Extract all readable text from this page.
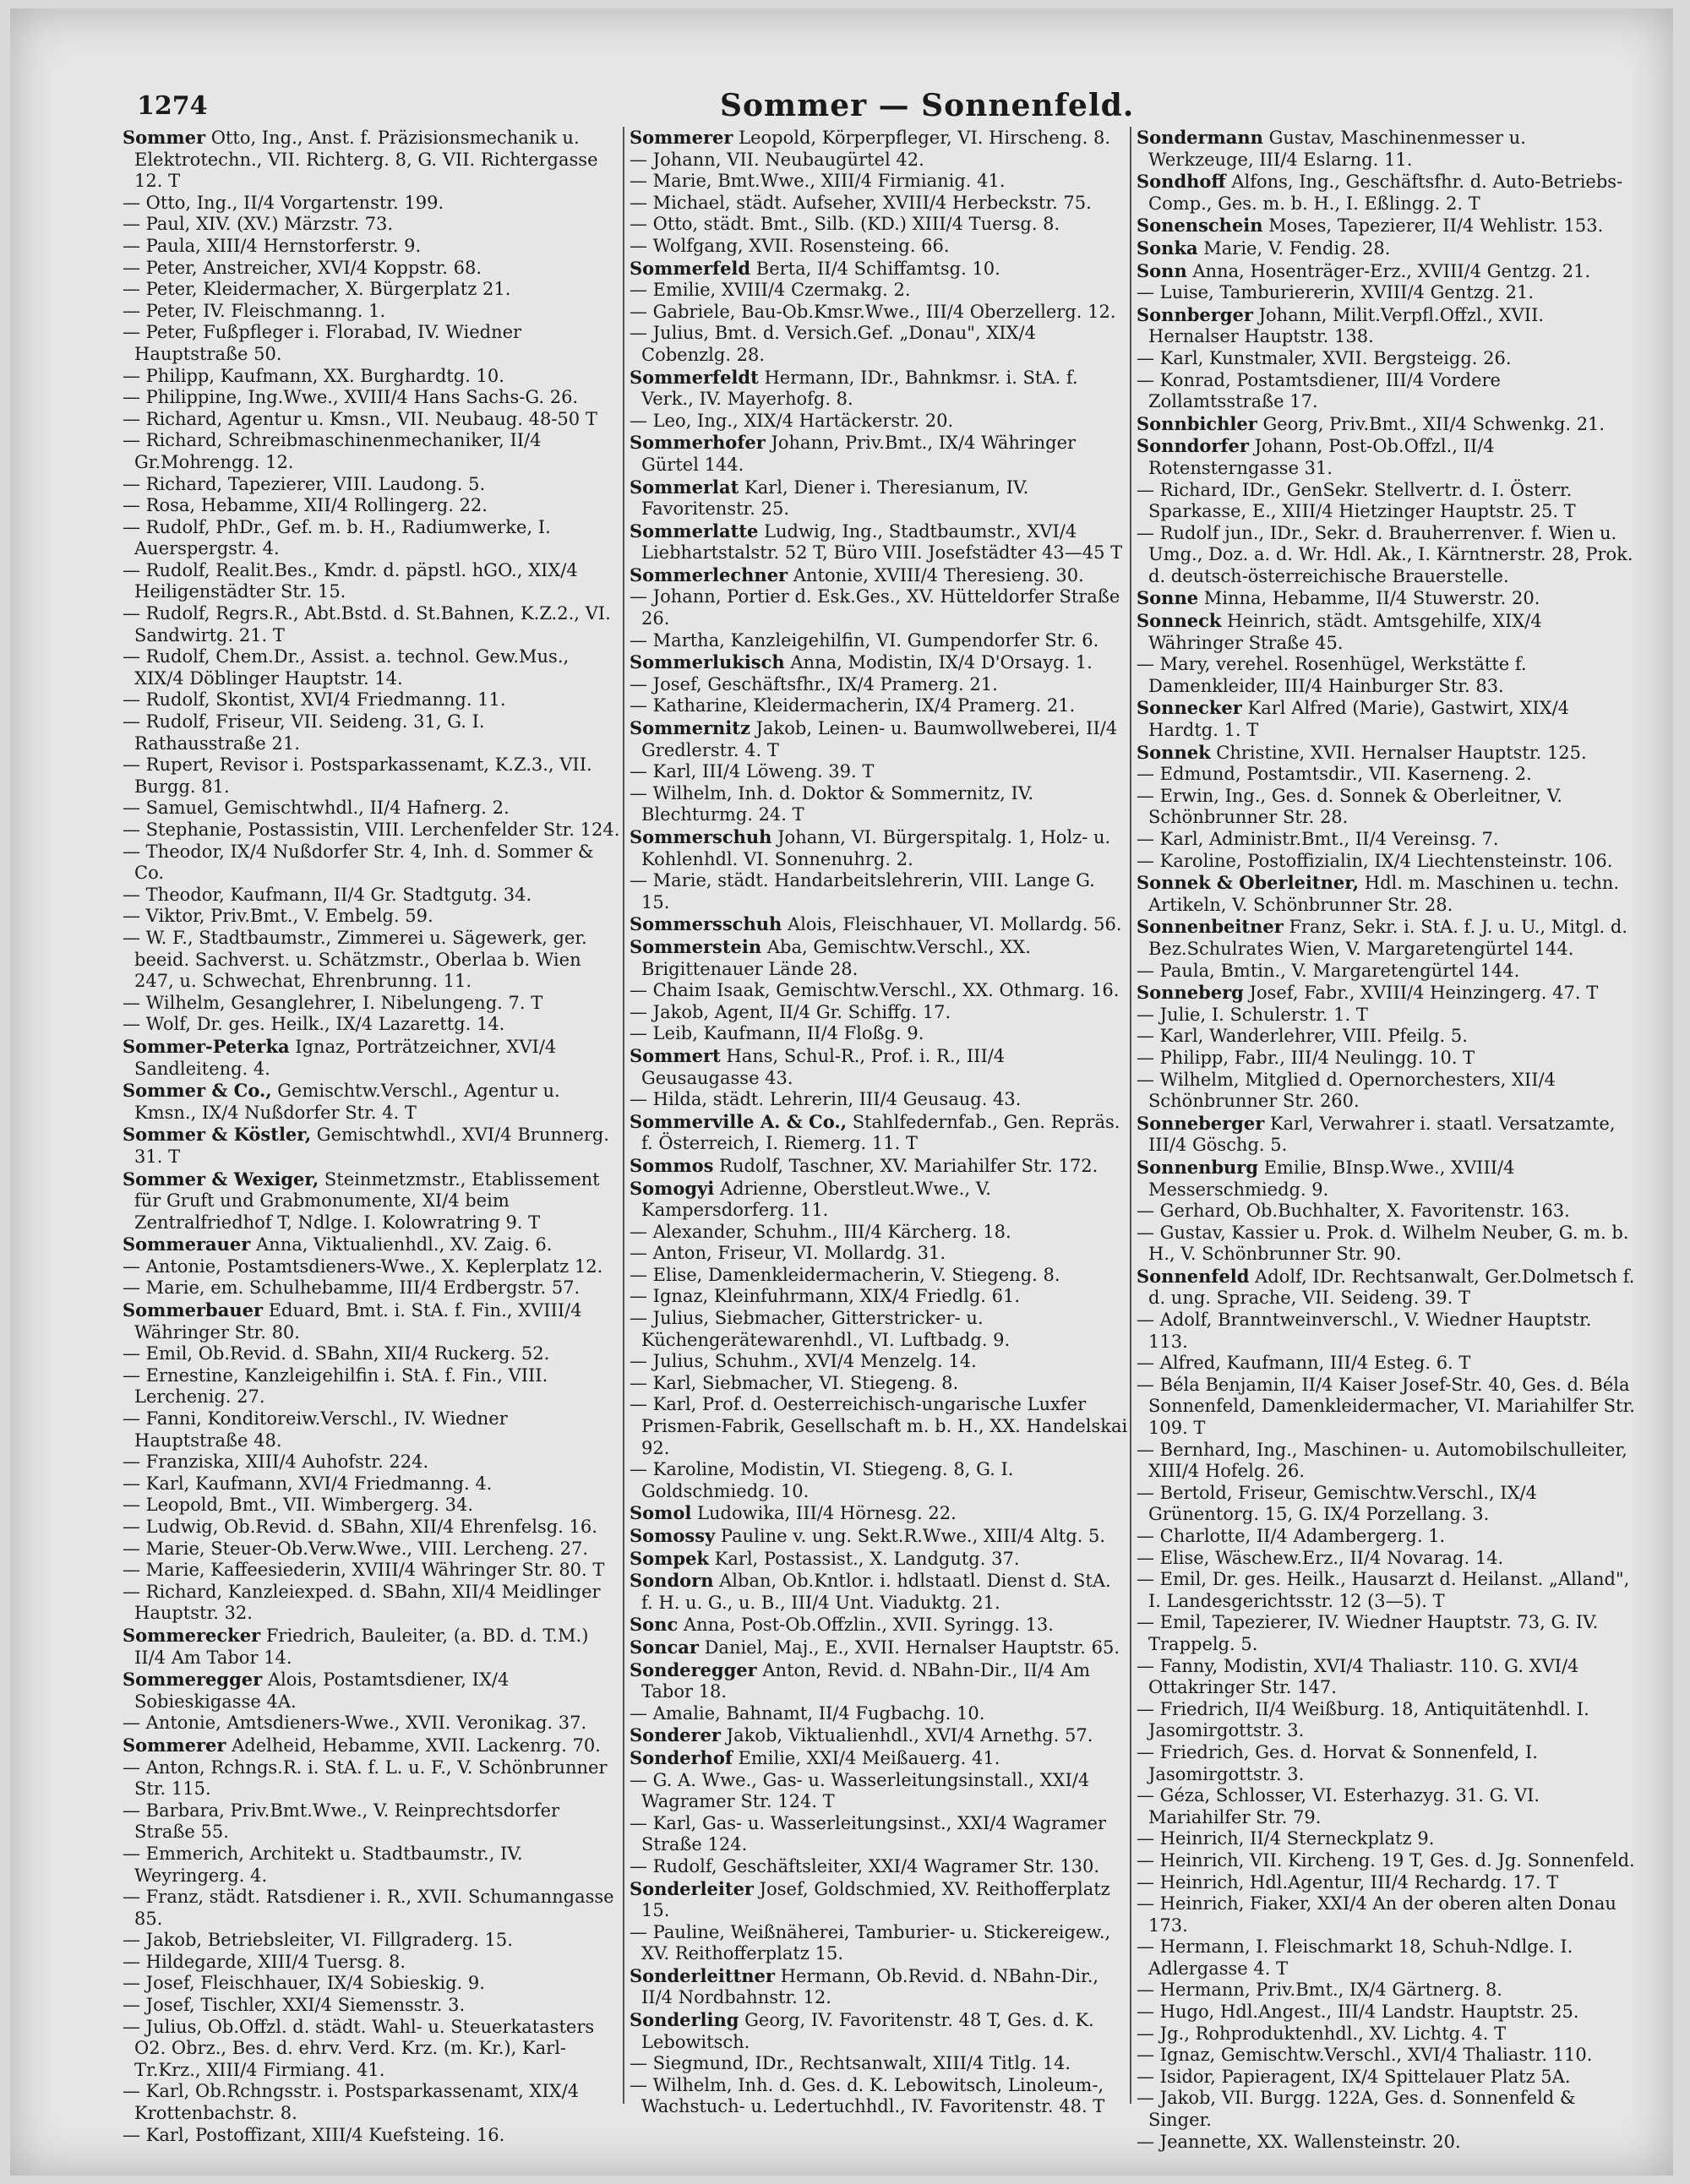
1274	Sommer — Sonnenfeld.

Sommer Otto, Ing., Anst. f. Präzisionsmechanik u. Elektrotechn., VII. Richterg. 8, G. VII. Richtergasse 12. T

— Otto, Ing., II/4 Vorgartenstr. 199.

— Paul, XIV. (XV.) Märzstr. 73.

— Paula, XIII/4 Hernstorferstr. 9.

— Peter, Anstreicher, XVI/4 Koppstr. 68.

— Peter, Kleidermacher, X. Bürgerplatz 21.

— Peter, IV. Fleischmanng. 1.

— Peter, Fußpfleger i. Florabad, IV. Wiedner Hauptstraße 50.

— Philipp, Kaufmann, XX. Burghardtg. 10.

— Philippine, Ing.Wwe., XVIII/4 Hans Sachs-G. 26.

— Richard, Agentur u. Kmsn., VII. Neubaug. 48-50 T

— Richard, Schreibmaschinenmechaniker, II/4 Gr.Mohrengg. 12.

— Richard, Tapezierer, VIII. Laudong. 5.

— Rosa, Hebamme, XII/4 Rollingerg. 22.

— Rudolf, PhDr., Gef. m. b. H., Radiumwerke, I. Auerspergstr. 4.

— Rudolf, Realit.Bes., Kmdr. d. päpstl. hGO., XIX/4 Heiligenstädter Str. 15.

— Rudolf, Regrs.R., Abt.Bstd. d. St.Bahnen, K.Z.2., VI. Sandwirtg. 21. T

— Rudolf, Chem.Dr., Assist. a. technol. Gew.Mus., XIX/4 Döblinger Hauptstr. 14.

— Rudolf, Skontist, XVI/4 Friedmanng. 11.

— Rudolf, Friseur, VII. Seideng. 31, G. I. Rathausstraße 21.

— Rupert, Revisor i. Postsparkassenamt, K.Z.3., VII. Burgg. 81.

— Samuel, Gemischtwhdl., II/4 Hafnerg. 2.

— Stephanie, Postassistin, VIII. Lerchenfelder Str. 124.

— Theodor, IX/4 Nußdorfer Str. 4, Inh. d. Sommer & Co.

— Theodor, Kaufmann, II/4 Gr. Stadtgutg. 34.

— Viktor, Priv.Bmt., V. Embelg. 59.

— W. F., Stadtbaumstr., Zimmerei u. Sägewerk, ger. beeid. Sachverst. u. Schätzmstr., Oberlaa b. Wien 247, u. Schwechat, Ehrenbrunng. 11.

— Wilhelm, Gesanglehrer, I. Nibelungeng. 7. T

— Wolf, Dr. ges. Heilk., IX/4 Lazarettg. 14.

Sommer-Peterka Ignaz, Porträtzeichner, XVI/4 Sandleiteng. 4.

Sommer & Co., Gemischtw.Verschl., Agentur u. Kmsn., IX/4 Nußdorfer Str. 4. T

Sommer & Köstler, Gemischtwhdl., XVI/4 Brunnerg. 31. T

Sommer & Wexiger, Steinmetzmstr., Etablissement für Gruft und Grabmonumente, XI/4 beim Zentralfriedhof T, Ndlge. I. Kolowratring 9. T

Sommerauer Anna, Viktualienhdl., XV. Zaig. 6.

— Antonie, Postamtsdieners-Wwe., X. Keplerplatz 12.

— Marie, em. Schulhebamme, III/4 Erdbergstr. 57.

Sommerbauer Eduard, Bmt. i. StA. f. Fin., XVIII/4 Währinger Str. 80.

— Emil, Ob.Revid. d. SBahn, XII/4 Ruckerg. 52.

— Ernestine, Kanzleigehilfin i. StA. f. Fin., VIII. Lerchenig. 27.

— Fanni, Konditoreiw.Verschl., IV. Wiedner Hauptstraße 48.

— Franziska, XIII/4 Auhofstr. 224.

— Karl, Kaufmann, XVI/4 Friedmanng. 4.

— Leopold, Bmt., VII. Wimbergerg. 34.

— Ludwig, Ob.Revid. d. SBahn, XII/4 Ehrenfelsg. 16.

— Marie, Steuer-Ob.Verw.Wwe., VIII. Lercheng. 27.

— Marie, Kaffeesiederin, XVIII/4 Währinger Str. 80. T

— Richard, Kanzleiexped. d. SBahn, XII/4 Meidlinger Hauptstr. 32.

Sommerecker Friedrich, Bauleiter, (a. BD. d. T.M.) II/4 Am Tabor 14.

Sommeregger Alois, Postamtsdiener, IX/4 Sobieskigasse 4A.

— Antonie, Amtsdieners-Wwe., XVII. Veronikag. 37.

Sommerer Adelheid, Hebamme, XVII. Lackenrg. 70.

— Anton, Rchngs.R. i. StA. f. L. u. F., V. Schönbrunner Str. 115.

— Barbara, Priv.Bmt.Wwe., V. Reinprechtsdorfer Straße 55.

— Emmerich, Architekt u. Stadtbaumstr., IV. Weyringerg. 4.

— Franz, städt. Ratsdiener i. R., XVII. Schumanngasse 85.

— Jakob, Betriebsleiter, VI. Fillgraderg. 15.

— Hildegarde, XIII/4 Tuersg. 8.

— Josef, Fleischhauer, IX/4 Sobieskig. 9.

— Josef, Tischler, XXI/4 Siemensstr. 3.

— Julius, Ob.Offzl. d. städt. Wahl- u. Steuerkatasters O2. Obrz., Bes. d. ehrv. Verd. Krz. (m. Kr.), Karl-Tr.Krz., XIII/4 Firmiang. 41.

— Karl, Ob.Rchngsstr. i. Postsparkassenamt, XIX/4 Krottenbachstr. 8.

— Karl, Postoffizant, XIII/4 Kuefsteing. 16.

Sommerer Leopold, Körperpfleger, VI. Hirscheng. 8.

— Johann, VII. Neubaugürtel 42.

— Marie, Bmt.Wwe., XIII/4 Firmianig. 41.

— Michael, städt. Aufseher, XVIII/4 Herbeckstr. 75.

— Otto, städt. Bmt., Silb. (KD.) XIII/4 Tuersg. 8.

— Wolfgang, XVII. Rosensteing. 66.

Sommerfeld Berta, II/4 Schiffamtsg. 10.

— Emilie, XVIII/4 Czermakg. 2.

— Gabriele, Bau-Ob.Kmsr.Wwe., III/4 Oberzellerg. 12.

— Julius, Bmt. d. Versich.Gef. „Donau", XIX/4 Cobenzlg. 28.

Sommerfeldt Hermann, IDr., Bahnkmsr. i. StA. f. Verk., IV. Mayerhofg. 8.

— Leo, Ing., XIX/4 Hartäckerstr. 20.

Sommerhofer Johann, Priv.Bmt., IX/4 Währinger Gürtel 144.

Sommerlat Karl, Diener i. Theresianum, IV. Favoritenstr. 25.

Sommerlatte Ludwig, Ing., Stadtbaumstr., XVI/4 Liebhartstalstr. 52 T, Büro VIII. Josefstädter 43—45 T

Sommerlechner Antonie, XVIII/4 Theresieng. 30.

— Johann, Portier d. Esk.Ges., XV. Hütteldorfer Straße 26.

— Martha, Kanzleigehilfin, VI. Gumpendorfer Str. 6.

Sommerlukisch Anna, Modistin, IX/4 D'Orsayg. 1.

— Josef, Geschäftsfhr., IX/4 Pramerg. 21.

— Katharine, Kleidermacherin, IX/4 Pramerg. 21.

Sommernitz Jakob, Leinen- u. Baumwollweberei, II/4 Gredlerstr. 4. T

— Karl, III/4 Löweng. 39. T

— Wilhelm, Inh. d. Doktor & Sommernitz, IV. Blechturmg. 24. T

Sommerschuh Johann, VI. Bürgerspitalg. 1, Holz- u. Kohlenhdl. VI. Sonnenuhrg. 2.

— Marie, städt. Handarbeitslehrerin, VIII. Lange G. 15.

Sommersschuh Alois, Fleischhauer, VI. Mollardg. 56.

Sommerstein Aba, Gemischtw.Verschl., XX. Brigittenauer Lände 28.

— Chaim Isaak, Gemischtw.Verschl., XX. Othmarg. 16.

— Jakob, Agent, II/4 Gr. Schiffg. 17.

— Leib, Kaufmann, II/4 Floßg. 9.

Sommert Hans, Schul-R., Prof. i. R., III/4 Geusaugasse 43.

— Hilda, städt. Lehrerin, III/4 Geusaug. 43.

Sommerville A. & Co., Stahlfedernfab., Gen. Repräs. f. Österreich, I. Riemerg. 11. T

Sommos Rudolf, Taschner, XV. Mariahilfer Str. 172.

Somogyi Adrienne, Oberstleut.Wwe., V. Kampersdorferg. 11.

— Alexander, Schuhm., III/4 Kärcherg. 18.

— Anton, Friseur, VI. Mollardg. 31.

— Elise, Damenkleidermacherin, V. Stiegeng. 8.

— Ignaz, Kleinfuhrmann, XIX/4 Friedlg. 61.

— Julius, Siebmacher, Gitterstricker- u. Küchengerätewarenhdl., VI. Luftbadg. 9.

— Julius, Schuhm., XVI/4 Menzelg. 14.

— Karl, Siebmacher, VI. Stiegeng. 8.

— Karl, Prof. d. Oesterreichisch-ungarische Luxfer Prismen-Fabrik, Gesellschaft m. b. H., XX. Handelskai 92.

— Karoline, Modistin, VI. Stiegeng. 8, G. I. Goldschmiedg. 10.

Somol Ludowika, III/4 Hörnesg. 22.

Somossy Pauline v. ung. Sekt.R.Wwe., XIII/4 Altg. 5.

Sompek Karl, Postassist., X. Landgutg. 37.

Sondorn Alban, Ob.Kntlor. i. hdlstaatl. Dienst d. StA. f. H. u. G., u. B., III/4 Unt. Viaduktg. 21.

Sonc Anna, Post-Ob.Offzlin., XVII. Syringg. 13.

Soncar Daniel, Maj., E., XVII. Hernalser Hauptstr. 65.

Sonderegger Anton, Revid. d. NBahn-Dir., II/4 Am Tabor 18.

— Amalie, Bahnamt, II/4 Fugbachg. 10.

Sonderer Jakob, Viktualienhdl., XVI/4 Arnethg. 57.

Sonderhof Emilie, XXI/4 Meißauerg. 41.

— G. A. Wwe., Gas- u. Wasserleitungsinstall., XXI/4 Wagramer Str. 124. T

— Karl, Gas- u. Wasserleitungsinst., XXI/4 Wagramer Straße 124.

— Rudolf, Geschäftsleiter, XXI/4 Wagramer Str. 130.

Sonderleiter Josef, Goldschmied, XV. Reithofferplatz 15.

— Pauline, Weißnäherei, Tamburier- u. Stickereigew., XV. Reithofferplatz 15.

Sonderleittner Hermann, Ob.Revid. d. NBahn-Dir., II/4 Nordbahnstr. 12.

Sonderling Georg, IV. Favoritenstr. 48 T, Ges. d. K. Lebowitsch.

— Siegmund, IDr., Rechtsanwalt, XIII/4 Titlg. 14.

— Wilhelm, Inh. d. Ges. d. K. Lebowitsch, Linoleum-, Wachstuch- u. Ledertuchhdl., IV. Favoritenstr. 48. T

Sondermann Gustav, Maschinenmesser u. Werkzeuge, III/4 Eslarng. 11.

Sondhoff Alfons, Ing., Geschäftsfhr. d. Auto-Betriebs-Comp., Ges. m. b. H., I. Eßlingg. 2. T

Sonenschein Moses, Tapezierer, II/4 Wehlistr. 153.

Sonka Marie, V. Fendig. 28.

Sonn Anna, Hosenträger-Erz., XVIII/4 Gentzg. 21.

— Luise, Tamburiererin, XVIII/4 Gentzg. 21.

Sonnberger Johann, Milit.Verpfl.Offzl., XVII. Hernalser Hauptstr. 138.

— Karl, Kunstmaler, XVII. Bergsteigg. 26.

— Konrad, Postamtsdiener, III/4 Vordere Zollamtsstraße 17.

Sonnbichler Georg, Priv.Bmt., XII/4 Schwenkg. 21.

Sonndorfer Johann, Post-Ob.Offzl., II/4 Rotensterngasse 31.

— Richard, IDr., GenSekr. Stellvertr. d. I. Österr. Sparkasse, E., XIII/4 Hietzinger Hauptstr. 25. T

— Rudolf jun., IDr., Sekr. d. Brauherrenver. f. Wien u. Umg., Doz. a. d. Wr. Hdl. Ak., I. Kärntnerstr. 28, Prok. d. deutsch-österreichische Brauerstelle.

Sonne Minna, Hebamme, II/4 Stuwerstr. 20.

Sonneck Heinrich, städt. Amtsgehilfe, XIX/4 Währinger Straße 45.

— Mary, verehel. Rosenhügel, Werkstätte f. Damenkleider, III/4 Hainburger Str. 83.

Sonnecker Karl Alfred (Marie), Gastwirt, XIX/4 Hardtg. 1. T

Sonnek Christine, XVII. Hernalser Hauptstr. 125.

— Edmund, Postamtsdir., VII. Kaserneng. 2.

— Erwin, Ing., Ges. d. Sonnek & Oberleitner, V. Schönbrunner Str. 28.

— Karl, Administr.Bmt., II/4 Vereinsg. 7.

— Karoline, Postoffizialin, IX/4 Liechtensteinstr. 106.

Sonnek & Oberleitner, Hdl. m. Maschinen u. techn. Artikeln, V. Schönbrunner Str. 28.

Sonnenbeitner Franz, Sekr. i. StA. f. J. u. U., Mitgl. d. Bez.Schulrates Wien, V. Margaretengürtel 144.

— Paula, Bmtin., V. Margaretengürtel 144.

Sonneberg Josef, Fabr., XVIII/4 Heinzingerg. 47. T

— Julie, I. Schulerstr. 1. T

— Karl, Wanderlehrer, VIII. Pfeilg. 5.

— Philipp, Fabr., III/4 Neulingg. 10. T

— Wilhelm, Mitglied d. Opernorchesters, XII/4 Schönbrunner Str. 260.

Sonneberger Karl, Verwahrer i. staatl. Versatzamte, III/4 Göschg. 5.

Sonnenburg Emilie, BInsp.Wwe., XVIII/4 Messerschmiedg. 9.

— Gerhard, Ob.Buchhalter, X. Favoritenstr. 163.

— Gustav, Kassier u. Prok. d. Wilhelm Neuber, G. m. b. H., V. Schönbrunner Str. 90.

Sonnenfeld Adolf, IDr. Rechtsanwalt, Ger.Dolmetsch f. d. ung. Sprache, VII. Seideng. 39. T

— Adolf, Branntweinverschl., V. Wiedner Hauptstr. 113.

— Alfred, Kaufmann, III/4 Esteg. 6. T

— Béla Benjamin, II/4 Kaiser Josef-Str. 40, Ges. d. Béla Sonnenfeld, Damenkleidermacher, VI. Mariahilfer Str. 109. T

— Bernhard, Ing., Maschinen- u. Automobilschulleiter, XIII/4 Hofelg. 26.

— Bertold, Friseur, Gemischtw.Verschl., IX/4 Grünentorg. 15, G. IX/4 Porzellang. 3.

— Charlotte, II/4 Adambergerg. 1.

— Elise, Wäschew.Erz., II/4 Novarag. 14.

— Emil, Dr. ges. Heilk., Hausarzt d. Heilanst. „Alland", I. Landesgerichtsstr. 12 (3—5). T

— Emil, Tapezierer, IV. Wiedner Hauptstr. 73, G. IV. Trappelg. 5.

— Fanny, Modistin, XVI/4 Thaliastr. 110. G. XVI/4 Ottakringer Str. 147.

— Friedrich, II/4 Weißburg. 18, Antiquitätenhdl. I. Jasomirgottstr. 3.

— Friedrich, Ges. d. Horvat & Sonnenfeld, I. Jasomirgottstr. 3.

— Géza, Schlosser, VI. Esterhazyg. 31. G. VI. Mariahilfer Str. 79.

— Heinrich, II/4 Sterneckplatz 9.

— Heinrich, VII. Kircheng. 19 T, Ges. d. Jg. Sonnenfeld.

— Heinrich, Hdl.Agentur, III/4 Rechardg. 17. T

— Heinrich, Fiaker, XXI/4 An der oberen alten Donau 173.

— Hermann, I. Fleischmarkt 18, Schuh-Ndlge. I. Adlergasse 4. T

— Hermann, Priv.Bmt., IX/4 Gärtnerg. 8.

— Hugo, Hdl.Angest., III/4 Landstr. Hauptstr. 25.

— Jg., Rohproduktenhdl., XV. Lichtg. 4. T

— Ignaz, Gemischtw.Verschl., XVI/4 Thaliastr. 110.

— Isidor, Papieragent, IX/4 Spittelauer Platz 5A.

— Jakob, VII. Burgg. 122A, Ges. d. Sonnenfeld & Singer.

— Jeannette, XX. Wallensteinstr. 20.
